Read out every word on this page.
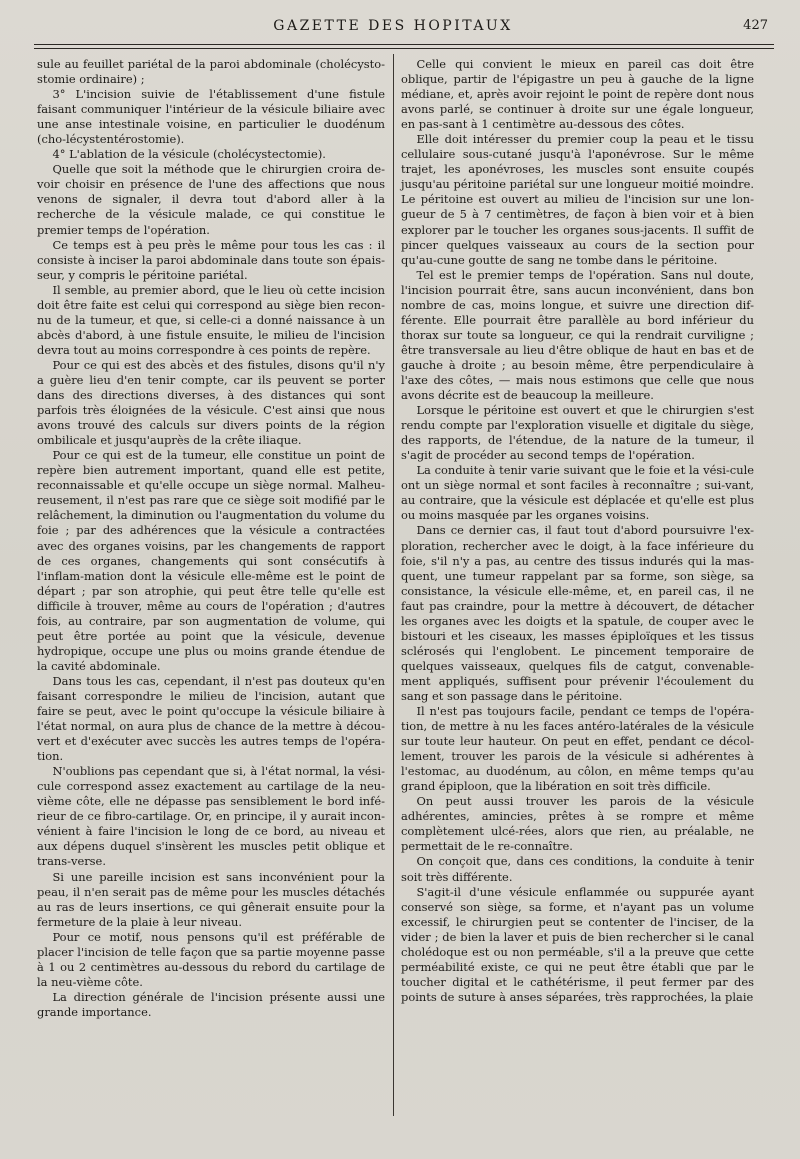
GAZETTE DES HOPITAUX	427

sule au feuillet pariétal de la paroi abdominale (cholécysto-stomie ordinaire) ;

3° L'incision suivie de l'établissement d'une fistule faisant communiquer l'intérieur de la vésicule biliaire avec une anse intestinale voisine, en particulier le duodénum (cho-lécystentérostomie).

4° L'ablation de la vésicule (cholécystectomie).

Quelle que soit la méthode que le chirurgien croira de-voir choisir en présence de l'une des affections que nous venons de signaler, il devra tout d'abord aller à la recherche de la vésicule malade, ce qui constitue le premier temps de l'opération.

Ce temps est à peu près le même pour tous les cas : il consiste à inciser la paroi abdominale dans toute son épais-seur, y compris le péritoine pariétal.

Il semble, au premier abord, que le lieu où cette incision doit être faite est celui qui correspond au siège bien recon-nu de la tumeur, et que, si celle-ci a donné naissance à un abcès d'abord, à une fistule ensuite, le milieu de l'incision devra tout au moins correspondre à ces points de repère.

Pour ce qui est des abcès et des fistules, disons qu'il n'y a guère lieu d'en tenir compte, car ils peuvent se porter dans des directions diverses, à des distances qui sont parfois très éloignées de la vésicule. C'est ainsi que nous avons trouvé des calculs sur divers points de la région ombilicale et jusqu'auprès de la crête iliaque.

Pour ce qui est de la tumeur, elle constitue un point de repère bien autrement important, quand elle est petite, reconnaissable et qu'elle occupe un siège normal. Malheu-reusement, il n'est pas rare que ce siège soit modifié par le relâchement, la diminution ou l'augmentation du volume du foie ; par des adhérences que la vésicule a contractées avec des organes voisins, par les changements de rapport de ces organes, changements qui sont consécutifs à l'inflam-mation dont la vésicule elle-même est le point de départ ; par son atrophie, qui peut être telle qu'elle est difficile à trouver, même au cours de l'opération ; d'autres fois, au contraire, par son augmentation de volume, qui peut être portée au point que la vésicule, devenue hydropique, occupe une plus ou moins grande étendue de la cavité abdominale.

Dans tous les cas, cependant, il n'est pas douteux qu'en faisant correspondre le milieu de l'incision, autant que faire se peut, avec le point qu'occupe la vésicule biliaire à l'état normal, on aura plus de chance de la mettre à décou-vert et d'exécuter avec succès les autres temps de l'opéra-tion.

N'oublions pas cependant que si, à l'état normal, la vési-cule correspond assez exactement au cartilage de la neu-vième côte, elle ne dépasse pas sensiblement le bord infé-rieur de ce fibro-cartilage. Or, en principe, il y aurait incon-vénient à faire l'incision le long de ce bord, au niveau et aux dépens duquel s'insèrent les muscles petit oblique et trans-verse.

Si une pareille incision est sans inconvénient pour la peau, il n'en serait pas de même pour les muscles détachés au ras de leurs insertions, ce qui gênerait ensuite pour la fermeture de la plaie à leur niveau.

Pour ce motif, nous pensons qu'il est préférable de placer l'incision de telle façon que sa partie moyenne passe à 1 ou 2 centimètres au-dessous du rebord du cartilage de la neu-vième côte.

La direction générale de l'incision présente aussi une grande importance.

Celle qui convient le mieux en pareil cas doit être oblique, partir de l'épigastre un peu à gauche de la ligne médiane, et, après avoir rejoint le point de repère dont nous avons parlé, se continuer à droite sur une égale longueur, en pas-sant à 1 centimètre au-dessous des côtes.

Elle doit intéresser du premier coup la peau et le tissu cellulaire sous-cutané jusqu'à l'aponévrose. Sur le même trajet, les aponévroses, les muscles sont ensuite coupés jusqu'au péritoine pariétal sur une longueur moitié moindre. Le péritoine est ouvert au milieu de l'incision sur une lon-gueur de 5 à 7 centimètres, de façon à bien voir et à bien explorer par le toucher les organes sous-jacents. Il suffit de pincer quelques vaisseaux au cours de la section pour qu'au-cune goutte de sang ne tombe dans le péritoine.

Tel est le premier temps de l'opération. Sans nul doute, l'incision pourrait être, sans aucun inconvénient, dans bon nombre de cas, moins longue, et suivre une direction dif-férente. Elle pourrait être parallèle au bord inférieur du thorax sur toute sa longueur, ce qui la rendrait curviligne ; être transversale au lieu d'être oblique de haut en bas et de gauche à droite ; au besoin même, être perpendiculaire à l'axe des côtes, — mais nous estimons que celle que nous avons décrite est de beaucoup la meilleure.

Lorsque le péritoine est ouvert et que le chirurgien s'est rendu compte par l'exploration visuelle et digitale du siège, des rapports, de l'étendue, de la nature de la tumeur, il s'agit de procéder au second temps de l'opération.

La conduite à tenir varie suivant que le foie et la vési-cule ont un siège normal et sont faciles à reconnaître ; sui-vant, au contraire, que la vésicule est déplacée et qu'elle est plus ou moins masquée par les organes voisins.

Dans ce dernier cas, il faut tout d'abord poursuivre l'ex-ploration, rechercher avec le doigt, à la face inférieure du foie, s'il n'y a pas, au centre des tissus indurés qui la mas-quent, une tumeur rappelant par sa forme, son siège, sa consistance, la vésicule elle-même, et, en pareil cas, il ne faut pas craindre, pour la mettre à découvert, de détacher les organes avec les doigts et la spatule, de couper avec le bistouri et les ciseaux, les masses épiploïques et les tissus sclérosés qui l'englobent. Le pincement temporaire de quelques vaisseaux, quelques fils de catgut, convenable-ment appliqués, suffisent pour prévenir l'écoulement du sang et son passage dans le péritoine.

Il n'est pas toujours facile, pendant ce temps de l'opéra-tion, de mettre à nu les faces antéro-latérales de la vésicule sur toute leur hauteur. On peut en effet, pendant ce décol-lement, trouver les parois de la vésicule si adhérentes à l'estomac, au duodénum, au côlon, en même temps qu'au grand épiploon, que la libération en soit très difficile.

On peut aussi trouver les parois de la vésicule adhérentes, amincies, prêtes à se rompre et même complètement ulcé-rées, alors que rien, au préalable, ne permettait de le re-connaître.

On conçoit que, dans ces conditions, la conduite à tenir soit très différente.

S'agit-il d'une vésicule enflammée ou suppurée ayant conservé son siège, sa forme, et n'ayant pas un volume excessif, le chirurgien peut se contenter de l'inciser, de la vider ; de bien la laver et puis de bien rechercher si le canal cholédoque est ou non perméable, s'il a la preuve que cette perméabilité existe, ce qui ne peut être établi que par le toucher digital et le cathétérisme, il peut fermer par des points de suture à anses séparées, très rapprochées, la plaie
